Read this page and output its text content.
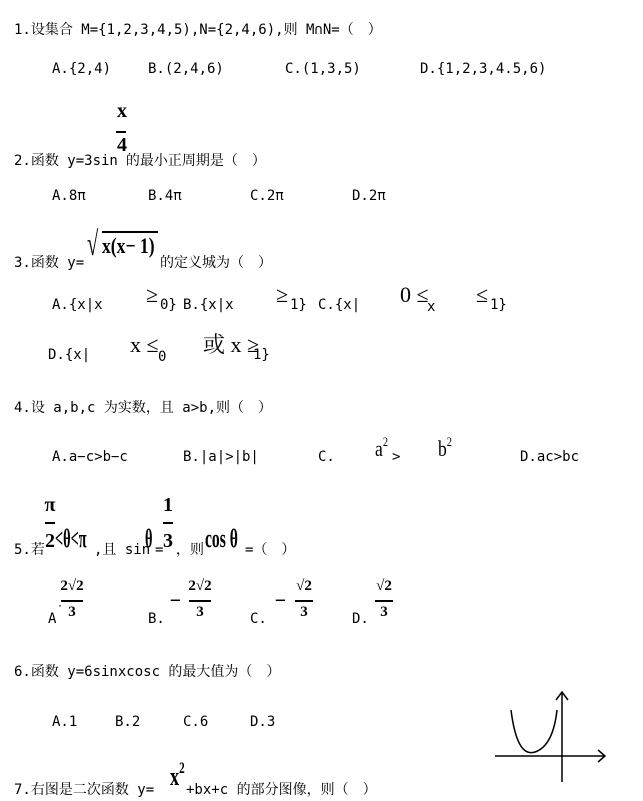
1.设集合 M={1,2,3,4,5),N={2,4,6),则 M∩N=（　）
A.{2,4)	B.(2,4,6)	C.(1,3,5)	D.{1,2,3,4.5,6)
2.函数 y=3sin 的最小正周期是（　）
x
4
A.8π	B.4π	C.2π	D.2π
3.函数 y= √ x(x− 1)
的定义城为（　）
A.{x|x ≥ 0} B.{x|x ≥ 1} C.{x| 0 ≤
x ≤ 1}
D.{x| x ≤ 0 或 x ≥
1}
4.设 a,b,c 为实数，且 a>b,则（　）
A.a−c>b−c	B.|a|>|b|	C. $a^2$
> $b^2$
D.ac>bc
5.若
π
2 <θ<π ,且 sin
θ =
1
3 ，则 cos θ =（　）
A
·
2√2
3	B.
−
2√2
3	C.
−
√2
3	D.
√2
3
6.函数 y=6sinxcosc 的最大值为（　）
A.1	B.2	C.6	D.3
7.右图是二次函数 $y= x^2$
+bx+c 的部分图像，则（　）
